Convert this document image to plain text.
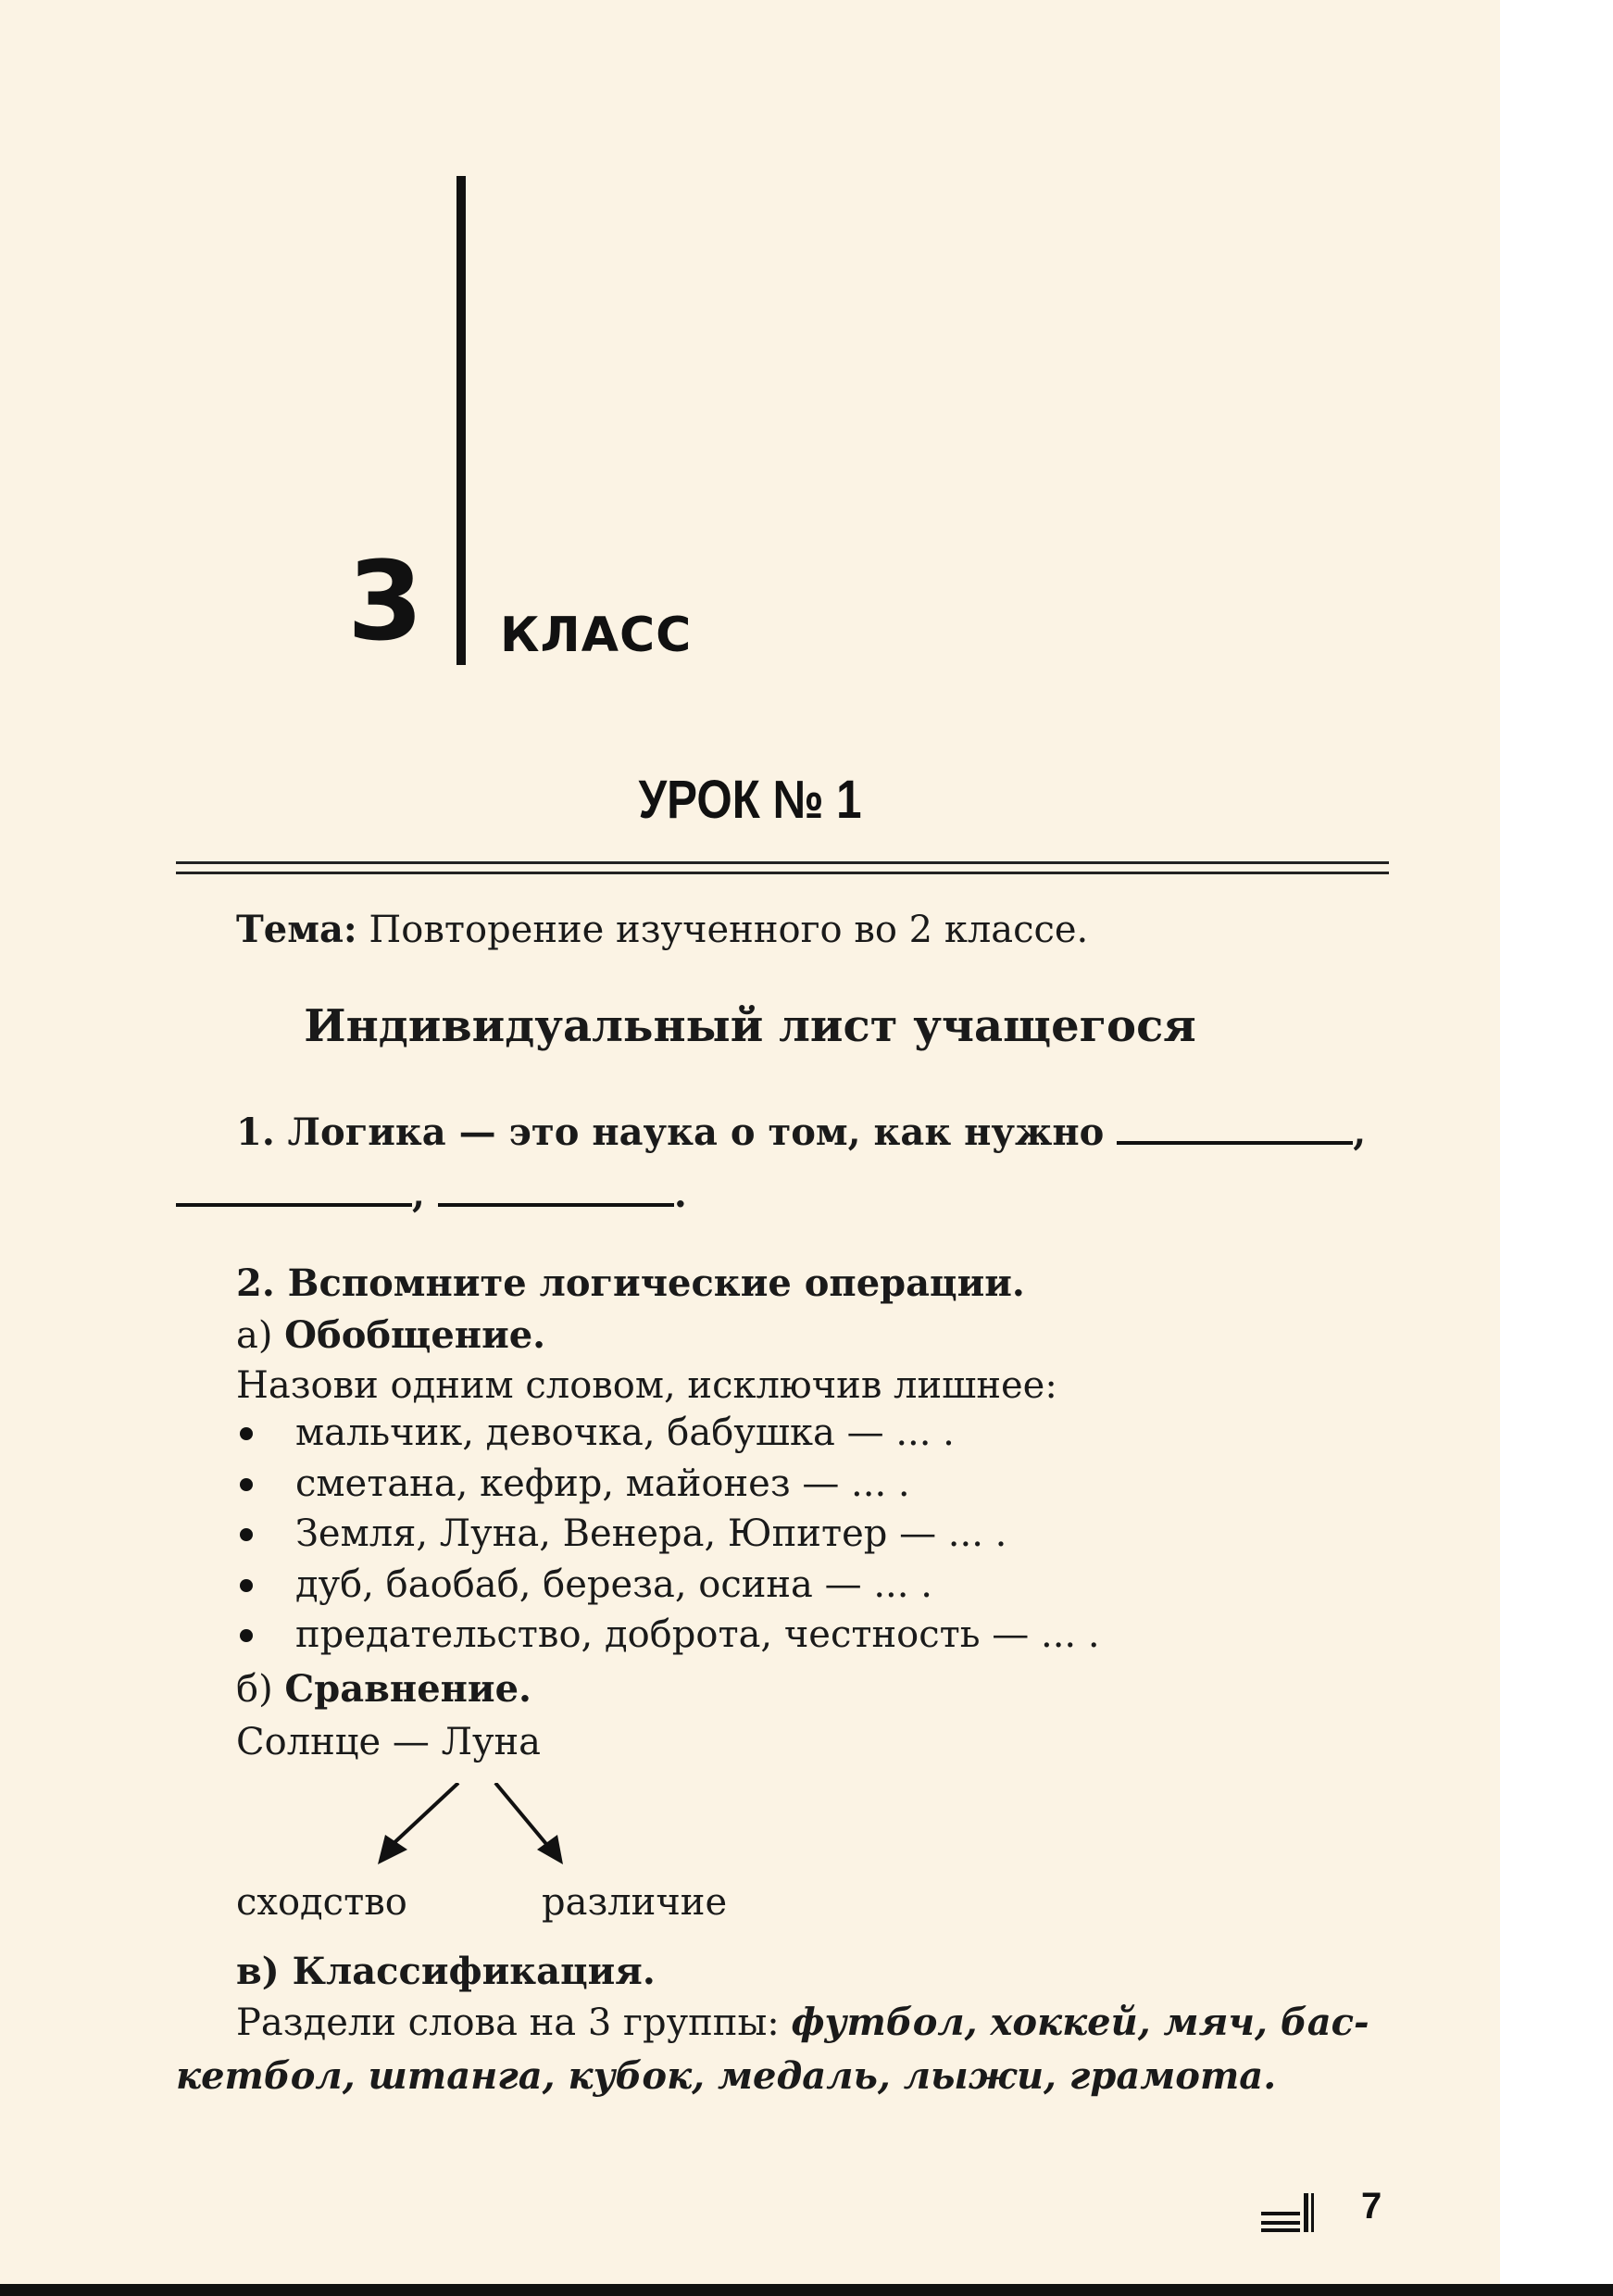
3 КЛАСС
УРОК № 1
Тема: Повторение изученного во 2 классе.
Индивидуальный лист учащегося
1. Логика — это наука о том, как нужно	,
,	.
2. Вспомните логические операции.
а) Обобщение.
Назови одним словом, исключив лишнее:
мальчик, девочка, бабушка — ... .
сметана, кефир, майонез — ... .
Земля, Луна, Венера, Юпитер — ... .
дуб, баобаб, береза, осина — ... .
предательство, доброта, честность — ... .
б) Сравнение.
Солнце — Луна
сходство	различие
в) Классификация.
Раздели слова на 3 группы: футбол, хоккей, мяч, бас-
кетбол, штанга, кубок, медаль, лыжи, грамота.
7
